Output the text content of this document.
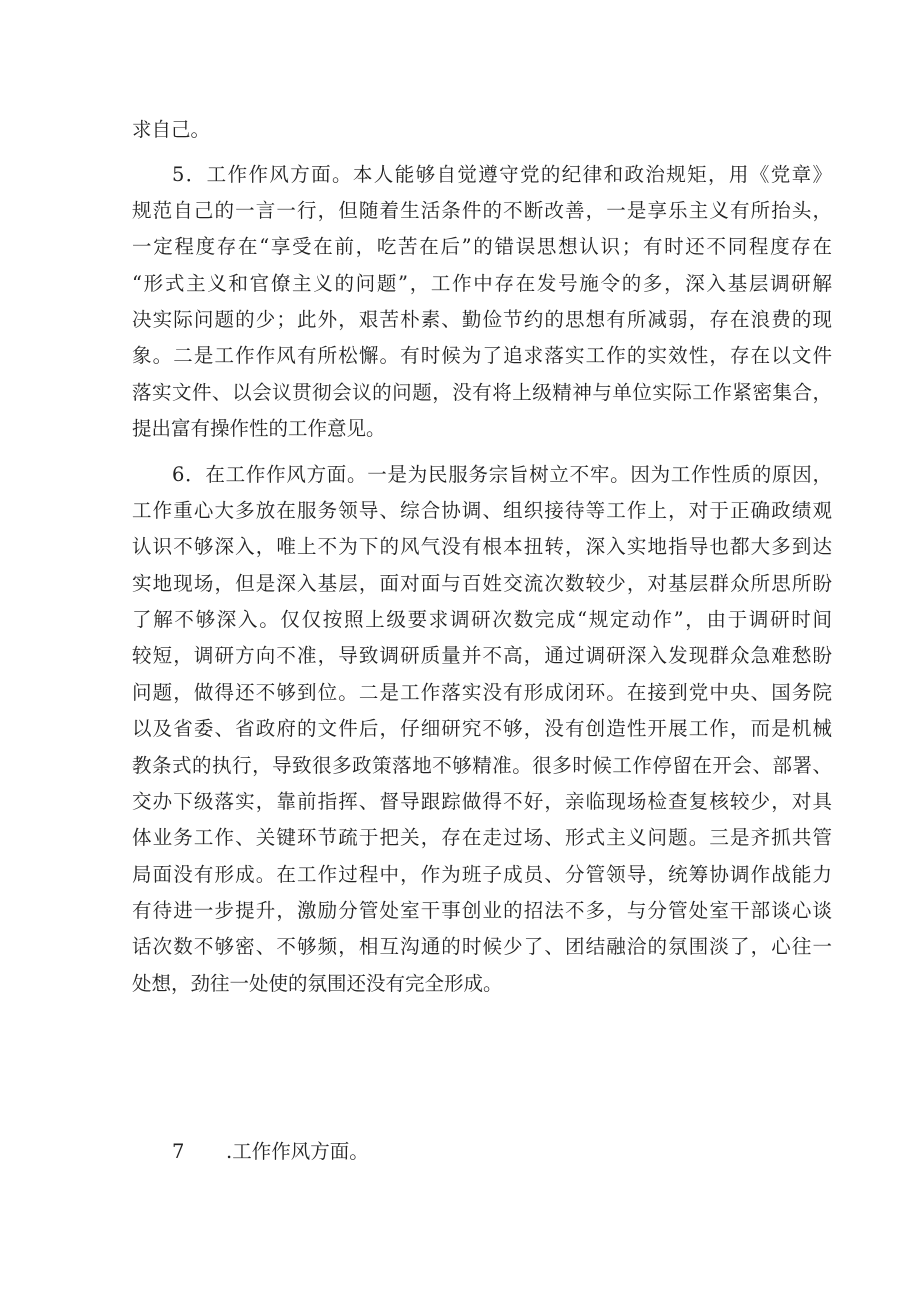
求自己。
5．工作作风方面。本人能够自觉遵守党的纪律和政治规矩，用《党章》
规范自己的一言一行，但随着生活条件的不断改善，一是享乐主义有所抬头，
一定程度存在“享受在前，吃苦在后”的错误思想认识；有时还不同程度存在
“形式主义和官僚主义的问题”，工作中存在发号施令的多，深入基层调研解
决实际问题的少；此外，艰苦朴素、勤俭节约的思想有所减弱，存在浪费的现
象。二是工作作风有所松懈。有时候为了追求落实工作的实效性，存在以文件
落实文件、以会议贯彻会议的问题，没有将上级精神与单位实际工作紧密集合，
提出富有操作性的工作意见。
6．在工作作风方面。一是为民服务宗旨树立不牢。因为工作性质的原因，
工作重心大多放在服务领导、综合协调、组织接待等工作上，对于正确政绩观
认识不够深入，唯上不为下的风气没有根本扭转，深入实地指导也都大多到达
实地现场，但是深入基层，面对面与百姓交流次数较少，对基层群众所思所盼
了解不够深入。仅仅按照上级要求调研次数完成“规定动作”，由于调研时间
较短，调研方向不准，导致调研质量并不高，通过调研深入发现群众急难愁盼
问题，做得还不够到位。二是工作落实没有形成闭环。在接到党中央、国务院
以及省委、省政府的文件后，仔细研究不够，没有创造性开展工作，而是机械
教条式的执行，导致很多政策落地不够精准。很多时候工作停留在开会、部署、
交办下级落实，靠前指挥、督导跟踪做得不好，亲临现场检查复核较少，对具
体业务工作、关键环节疏于把关，存在走过场、形式主义问题。三是齐抓共管
局面没有形成。在工作过程中，作为班子成员、分管领导，统筹协调作战能力
有待进一步提升，激励分管处室干事创业的招法不多，与分管处室干部谈心谈
话次数不够密、不够频，相互沟通的时候少了、团结融洽的氛围淡了，心往一
处想，劲往一处使的氛围还没有完全形成。
7 .工作作风方面。
